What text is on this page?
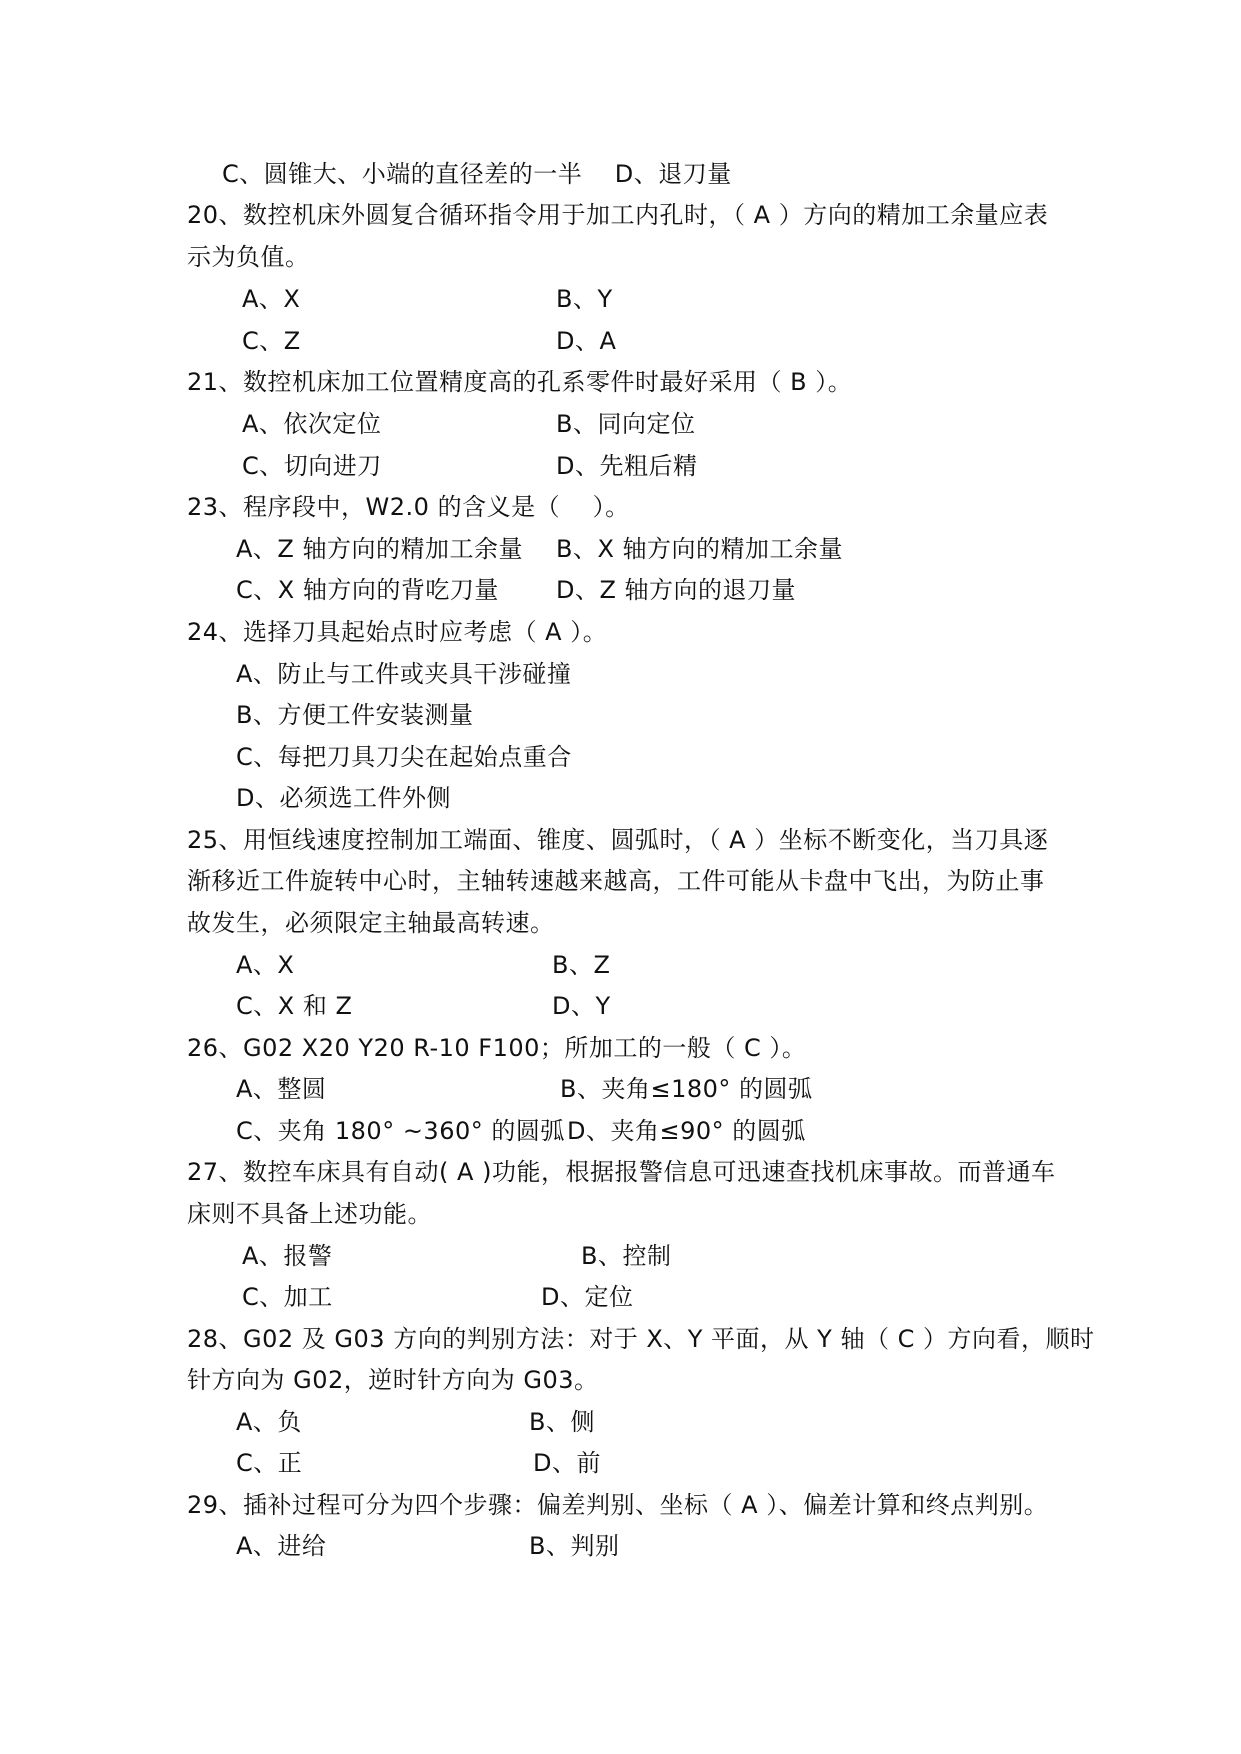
C、圆锥大、小端的直径差的一半    D、退刀量
20、数控机床外圆复合循环指令用于加工内孔时，（ A ）方向的精加工余量应表
示为负值。
A、X	B、Y
C、Z	D、A
21、数控机床加工位置精度高的孔系零件时最好采用（ B ）。
A、依次定位	B、同向定位
C、切向进刀	D、先粗后精
23、程序段中，W2.0 的含义是（    ）。
A、Z 轴方向的精加工余量 B、X 轴方向的精加工余量
C、X 轴方向的背吃刀量 D、Z 轴方向的退刀量
24、选择刀具起始点时应考虑（ A ）。
A、防止与工件或夹具干涉碰撞
B、方便工件安装测量
C、每把刀具刀尖在起始点重合
D、必须选工件外侧
25、用恒线速度控制加工端面、锥度、圆弧时，（ A ）坐标不断变化，当刀具逐
渐移近工件旋转中心时，主轴转速越来越高，工件可能从卡盘中飞出，为防止事
故发生，必须限定主轴最高转速。
A、X	B、Z
C、X 和 Z	D、Y
26、G02 X20 Y20 R-10 F100；所加工的一般（ C ）。
A、整圆	B、夹角≤180° 的圆弧
C、夹角 180° ~360° 的圆弧 D、夹角≤90° 的圆弧
27、数控车床具有自动( A )功能，根据报警信息可迅速查找机床事故。而普通车
床则不具备上述功能。
A、报警	B、控制
C、加工	D、定位
28、G02 及 G03 方向的判别方法：对于 X、Y 平面，从 Y 轴（ C ）方向看，顺时
针方向为 G02，逆时针方向为 G03。
A、负	B、侧
C、正	D、前
29、插补过程可分为四个步骤：偏差判别、坐标（ A ）、偏差计算和终点判别。
A、进给	B、判别
